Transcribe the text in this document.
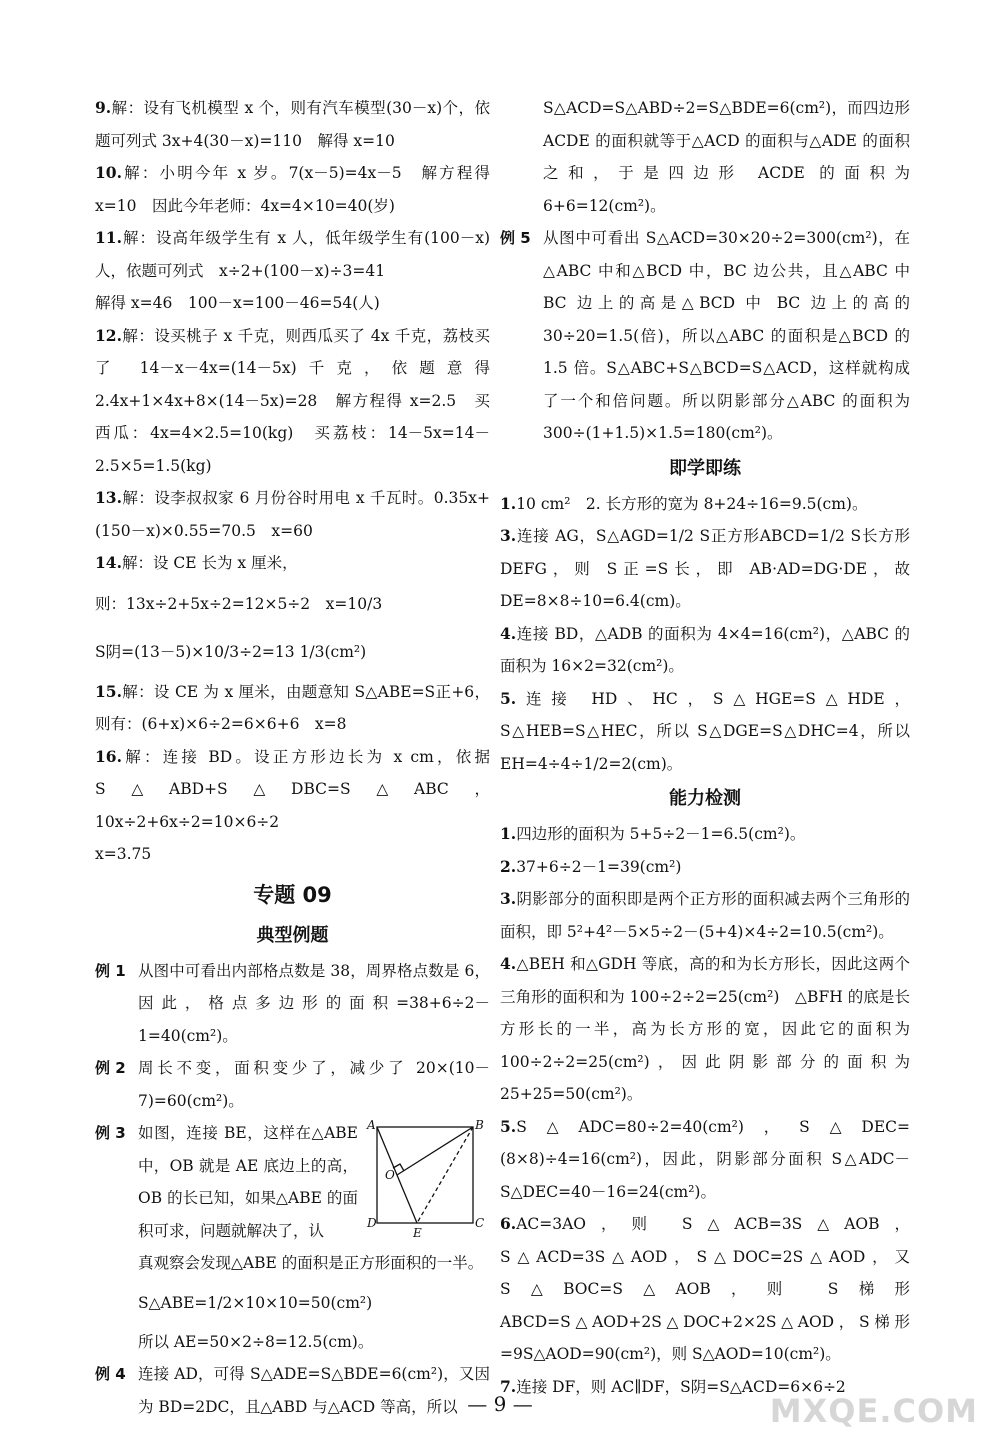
9.解：设有飞机模型 x 个，则有汽车模型(30－x)个，依题可列式 3x+4(30－x)=110　解得 x=10

10.解：小明今年 x 岁。7(x－5)=4x－5　解方程得 x=10　因此今年老师：4x=4×10=40(岁)

11.解：设高年级学生有 x 人，低年级学生有(100－x)人，依题可列式　x÷2+(100－x)÷3=41

解得 x=46　100－x=100－46=54(人)

12.解：设买桃子 x 千克，则西瓜买了 4x 千克，荔枝买了 14－x－4x=(14－5x)千克，依题意得 2.4x+1×4x+8×(14－5x)=28　解方程得 x=2.5　买西瓜：4x=4×2.5=10(kg)　买荔枝：14－5x=14－2.5×5=1.5(kg)

13.解：设李叔叔家 6 月份谷时用电 x 千瓦时。0.35x+(150－x)×0.55=70.5　x=60

14.解：设 CE 长为 x 厘米，

则：13x÷2+5x÷2=12×5÷2　x=10/3

S阴=(13－5)×10/3÷2=13 1/3(cm²)

15.解：设 CE 为 x 厘米，由题意知 S△ABE=S正+6，则有：(6+x)×6÷2=6×6+6　x=8

16.解：连接 BD。设正方形边长为 x cm，依据 S△ABD+S△DBC=S△ABC，10x÷2+6x÷2=10×6÷2

x=3.75

专题 09
典型例题

例 1 从图中可看出内部格点数是 38，周界格点数是 6，因此，格点多边形的面积=38+6÷2－1=40(cm²)。

例 2 周长不变，面积变少了，减少了 20×(10－7)=60(cm²)。

例 3 如图，连接 BE，这样在△ABE 中，OB 就是 AE 底边上的高，OB 的长已知，如果△ABE 的面积可求，问题就解决了，认

A	B
C
D
E
O

真观察会发现△ABE 的面积是正方形面积的一半。

S△ABE=1/2×10×10=50(cm²)

所以 AE=50×2÷8=12.5(cm)。

例 4 连接 AD，可得 S△ADE=S△BDE=6(cm²)，又因为 BD=2DC，且△ABD 与△ACD 等高，所以

S△ACD=S△ABD÷2=S△BDE=6(cm²)，而四边形 ACDE 的面积就等于△ACD 的面积与△ADE 的面积之和，于是四边形 ACDE 的面积为 6+6=12(cm²)。

例 5 从图中可看出 S△ACD=30×20÷2=300(cm²)，在△ABC 中和△BCD 中，BC 边公共，且△ABC 中 BC 边上的高是△BCD 中 BC 边上的高的 30÷20=1.5(倍)，所以△ABC 的面积是△BCD 的 1.5 倍。S△ABC+S△BCD=S△ACD，这样就构成了一个和倍问题。所以阴影部分△ABC 的面积为 300÷(1+1.5)×1.5=180(cm²)。

即学即练

1.10 cm²　2. 长方形的宽为 8+24÷16=9.5(cm)。

3.连接 AG，S△AGD=1/2 S正方形ABCD=1/2 S长方形DEFG，则 S正=S长，即 AB·AD=DG·DE，故 DE=8×8÷10=6.4(cm)。

4.连接 BD，△ADB 的面积为 4×4=16(cm²)，△ABC 的面积为 16×2=32(cm²)。

5.连接 HD、HC，S△HGE=S△HDE，S△HEB=S△HEC，所以 S△DGE=S△DHC=4，所以 EH=4÷4÷1/2=2(cm)。

能力检测

1.四边形的面积为 5+5÷2－1=6.5(cm²)。

2.37+6÷2－1=39(cm²)

3.阴影部分的面积即是两个正方形的面积减去两个三角形的面积，即 5²+4²－5×5÷2－(5+4)×4÷2=10.5(cm²)。

4.△BEH 和△GDH 等底，高的和为长方形长，因此这两个三角形的面积和为 100÷2÷2=25(cm²)　△BFH 的底是长方形长的一半，高为长方形的宽，因此它的面积为 100÷2÷2=25(cm²)，因此阴影部分的面积为 25+25=50(cm²)。

5.S△ADC=80÷2=40(cm²)，S△DEC=(8×8)÷4=16(cm²)，因此，阴影部分面积 S△ADC－S△DEC=40－16=24(cm²)。

6.AC=3AO，则 S△ACB=3S△AOB，S△ACD=3S△AOD，S△DOC=2S△AOD，又 S△BOC=S△AOB，则 S梯形ABCD=S△AOD+2S△DOC+2×2S△AOD，S梯形=9S△AOD=90(cm²)，则 S△AOD=10(cm²)。

7.连接 DF，则 AC∥DF，S阴=S△ACD=6×6÷2

— 9 —	MXQE.COM
